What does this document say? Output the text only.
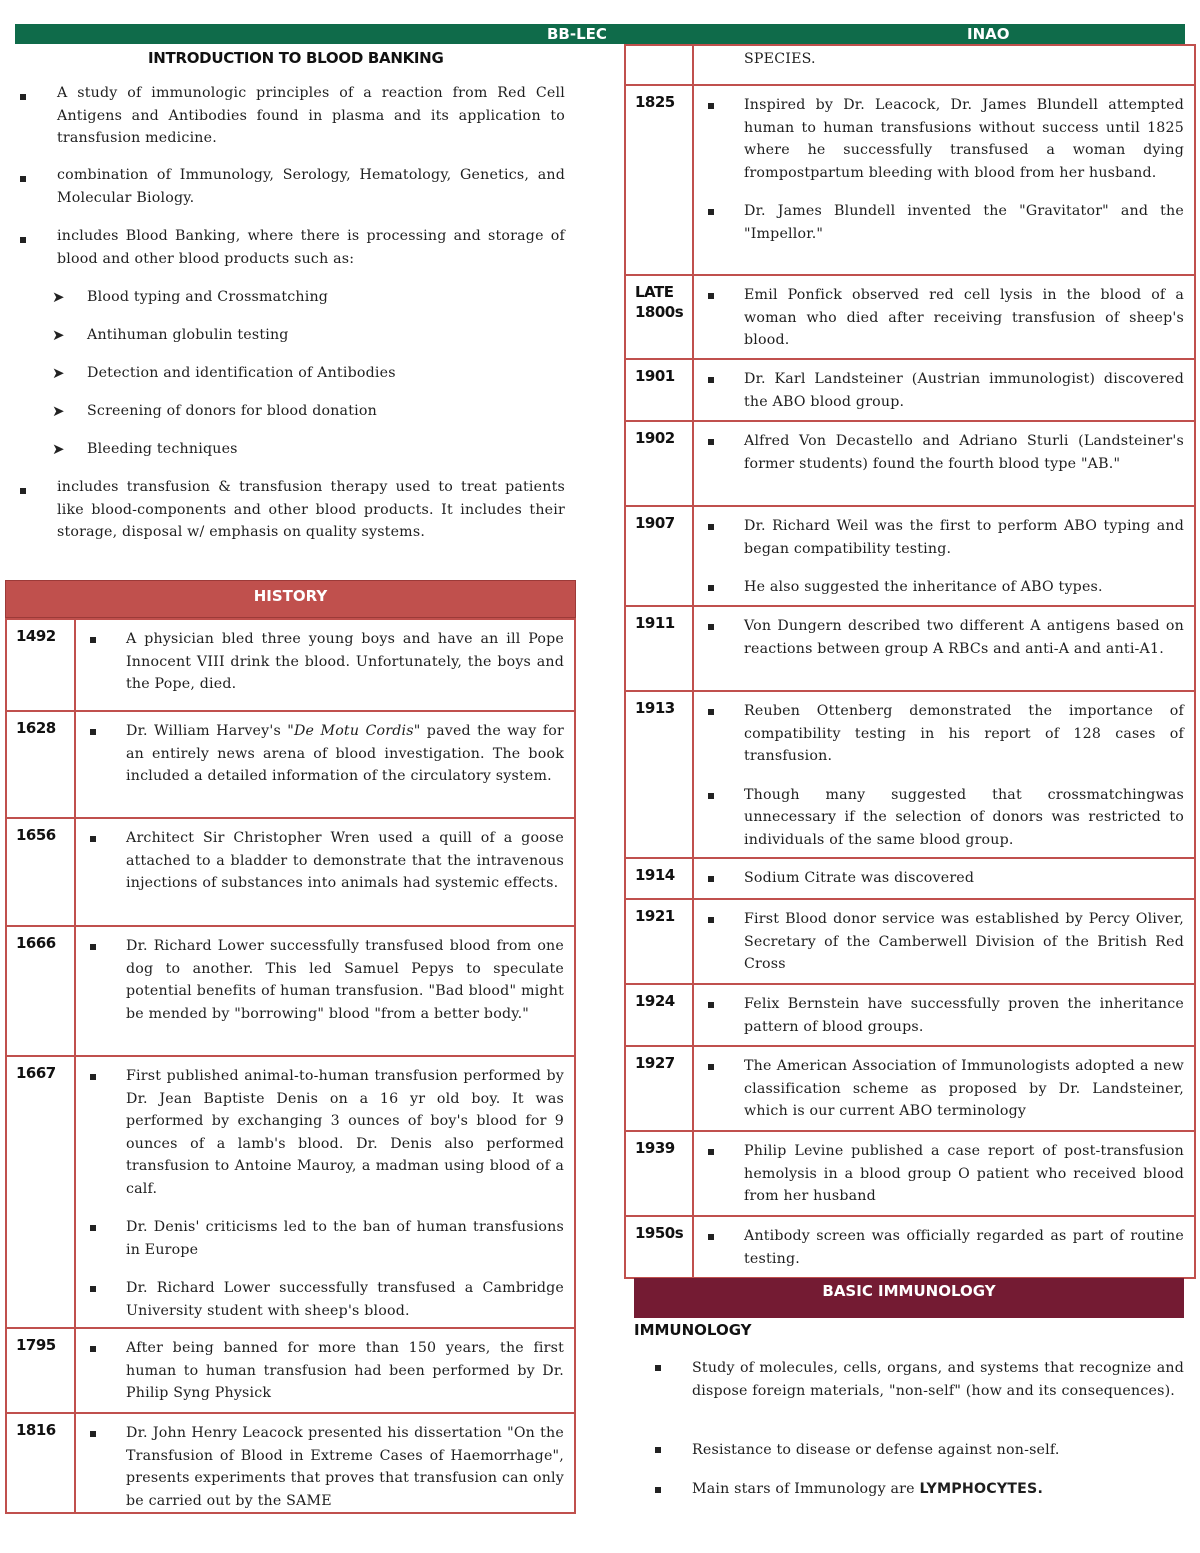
BB-LEC	INAO
INTRODUCTION TO BLOOD BANKING
A study of immunologic principles of a reaction from Red Cell Antigens and Antibodies found in plasma and its application to transfusion medicine.
combination of Immunology, Serology, Hematology, Genetics, and Molecular Biology.
includes Blood Banking, where there is processing and storage of blood and other blood products such as:
➤ Blood typing and Crossmatching
➤ Antihuman globulin testing
➤ Detection and identification of Antibodies
➤ Screening of donors for blood donation
➤ Bleeding techniques
includes transfusion & transfusion therapy used to treat patients like blood-components and other blood products. It includes their storage, disposal w/ emphasis on quality systems.
HISTORY
1492	A physician bled three young boys and have an ill Pope Innocent VIII drink the blood. Unfortunately, the boys and the Pope, died.

1628	Dr. William Harvey's "De Motu Cordis" paved the way for an entirely news arena of blood investigation. The book included a detailed information of the circulatory system.

1656	Architect Sir Christopher Wren used a quill of a goose attached to a bladder to demonstrate that the intravenous injections of substances into animals had systemic effects.

1666	Dr. Richard Lower successfully transfused blood from one dog to another. This led Samuel Pepys to speculate potential benefits of human transfusion. "Bad blood" might be mended by "borrowing" blood "from a better body."

1667	First published animal-to-human transfusion performed by Dr. Jean Baptiste Denis on a 16 yr old boy. It was performed by exchanging 3 ounces of boy's blood for 9 ounces of a lamb's blood. Dr. Denis also performed transfusion to Antoine Mauroy, a madman using blood of a calf.
Dr. Denis' criticisms led to the ban of human transfusions in Europe
Dr. Richard Lower successfully transfused a Cambridge University student with sheep's blood.

1795	After being banned for more than 150 years, the first human to human transfusion had been performed by Dr. Philip Syng Physick

1816	Dr. John Henry Leacock presented his dissertation "On the Transfusion of Blood in Extreme Cases of Haemorrhage", presents experiments that proves that transfusion can only be carried out by the SAME

	SPECIES.

1825	Inspired by Dr. Leacock, Dr. James Blundell attempted human to human transfusions without success until 1825 where he successfully transfused a woman dying frompostpartum bleeding with blood from her husband.
Dr. James Blundell invented the "Gravitator" and the "Impellor."

LATE 1800s	Emil Ponfick observed red cell lysis in the blood of a woman who died after receiving transfusion of sheep's blood.

1901	Dr. Karl Landsteiner (Austrian immunologist) discovered the ABO blood group.

1902	Alfred Von Decastello and Adriano Sturli (Landsteiner's former students) found the fourth blood type "AB."

1907	Dr. Richard Weil was the first to perform ABO typing and began compatibility testing.
He also suggested the inheritance of ABO types.

1911	Von Dungern described two different A antigens based on reactions between group A RBCs and anti-A and anti-A1.

1913	Reuben Ottenberg demonstrated the importance of compatibility testing in his report of 128 cases of transfusion.
Though many suggested that crossmatchingwas unnecessary if the selection of donors was restricted to individuals of the same blood group.

1914	Sodium Citrate was discovered

1921	First Blood donor service was established by Percy Oliver, Secretary of the Camberwell Division of the British Red Cross

1924	Felix Bernstein have successfully proven the inheritance pattern of blood groups.

1927	The American Association of Immunologists adopted a new classification scheme as proposed by Dr. Landsteiner, which is our current ABO terminology

1939	Philip Levine published a case report of post-transfusion hemolysis in a blood group O patient who received blood from her husband

1950s	Antibody screen was officially regarded as part of routine testing.
BASIC IMMUNOLOGY
IMMUNOLOGY
Study of molecules, cells, organs, and systems that recognize and dispose foreign materials, "non-self" (how and its consequences).
Resistance to disease or defense against non-self.
Main stars of Immunology are LYMPHOCYTES.
